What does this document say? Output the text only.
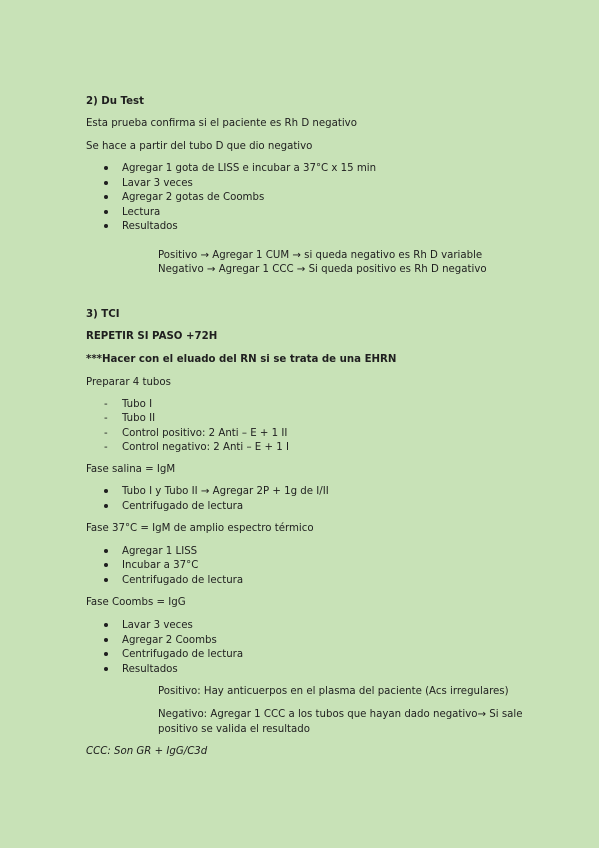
2) Du Test
Esta prueba confirma si el paciente es Rh D negativo
Se hace a partir del tubo D que dio negativo
Agregar 1 gota de LISS e incubar a 37°C x 15 min
Lavar 3 veces
Agregar 2 gotas de Coombs
Lectura
Resultados
Positivo → Agregar 1 CUM → si queda negativo es Rh D variable
Negativo → Agregar 1 CCC → Si queda positivo es Rh D negativo
3) TCI
REPETIR SI PASO +72H
***Hacer con el eluado del RN si se trata de una EHRN
Preparar 4 tubos
- Tubo I
- Tubo II
- Control positivo: 2 Anti – E + 1 II
- Control negativo: 2 Anti – E + 1 I
Fase salina = IgM
Tubo I y Tubo II → Agregar 2P + 1g de I/II
Centrifugado de lectura
Fase 37°C = IgM de amplio espectro térmico
Agregar 1 LISS
Incubar a 37°C
Centrifugado de lectura
Fase Coombs = IgG
Lavar 3 veces
Agregar 2 Coombs
Centrifugado de lectura
Resultados
Positivo: Hay anticuerpos en el plasma del paciente (Acs irregulares)
Negativo: Agregar 1 CCC a los tubos que hayan dado negativo→ Si sale
positivo se valida el resultado
CCC: Son GR + IgG/C3d
